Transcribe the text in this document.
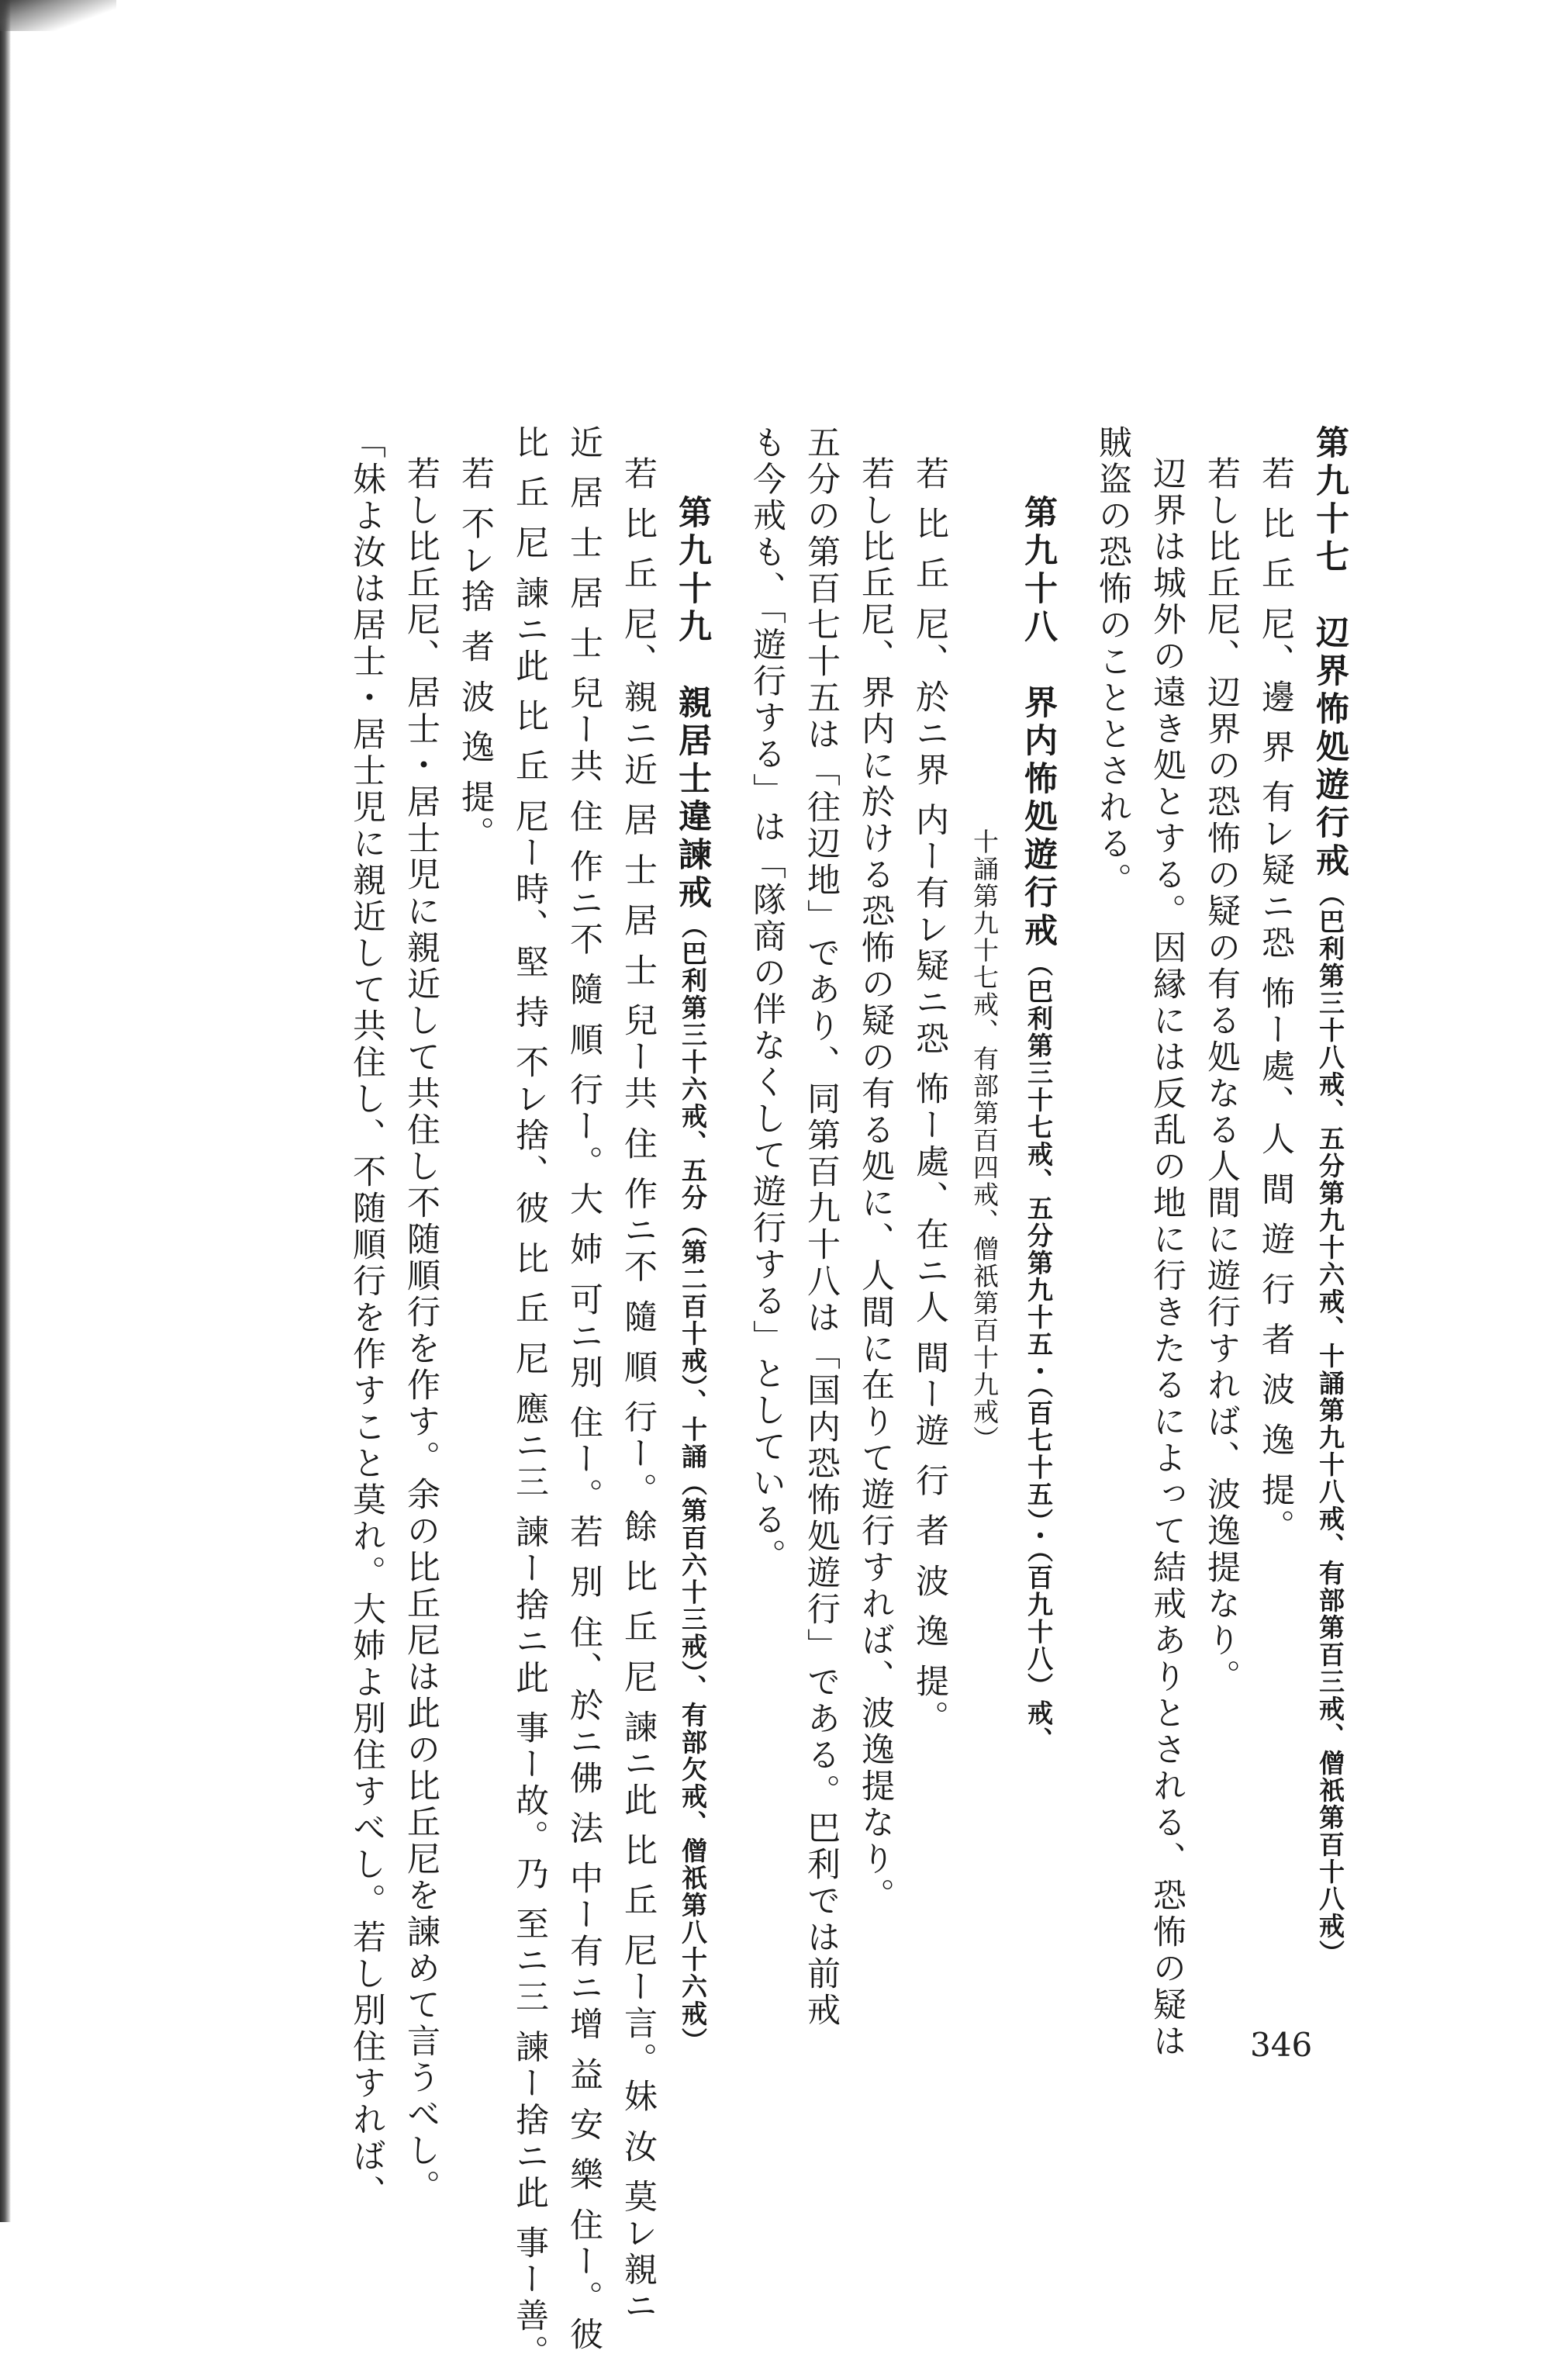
第九十七　辺界怖処遊行戒（巴利第三十八戒、五分第九十六戒、十誦第九十八戒、有部第百三戒、僧祇第百十八戒）
若 比 丘 尼、邊 界 有レ疑ニ恐 怖ー處、人 間 遊 行 者 波 逸 提。
若し比丘尼、辺界の恐怖の疑の有る処なる人間に遊行すれば、波逸提なり。
辺界は城外の遠き処とする。因縁には反乱の地に行きたるによって結戒ありとされる、恐怖の疑は
賊盗の恐怖のこととされる。
第九十八　界内怖処遊行戒（巴利第三十七戒、五分第九十五・（百七十五）・（百九十八）戒、
十誦第九十七戒、有部第百四戒、僧祇第百十九戒）
若 比 丘 尼、於ニ界 内ー有レ疑ニ恐 怖ー處、在ニ人 間ー遊 行 者 波 逸 提。
若し比丘尼、界内に於ける恐怖の疑の有る処に、人間に在りて遊行すれば、波逸提なり。
五分の第百七十五は「往辺地」であり、同第百九十八は「国内恐怖処遊行」である。巴利では前戒
も今戒も、「遊行する」は「隊商の伴なくして遊行する」としている。
第九十九　親居士違諫戒（巴利第三十六戒、五分（第二百十戒）、十誦（第百六十三戒）、有部欠戒、僧祇第八十六戒）
若 比 丘 尼、親ニ近 居 士 居 士 兒ー共 住 作ニ不 隨 順 行ー。餘 比 丘 尼 諫ニ此 比 丘 尼ー言。妹 汝 莫レ親ニ
近 居 士 居 士 兒ー共 住 作ニ不 隨 順 行ー。大 姉 可ニ別 住ー。若 別 住、於ニ佛 法 中ー有ニ增 益 安 樂 住ー。彼
比 丘 尼 諫ニ此 比 丘 尼ー時、堅 持 不レ捨、彼 比 丘 尼 應ニ三 諫ー捨ニ此 事ー故。乃 至ニ三 諫ー捨ニ此 事ー善。
若 不レ捨 者 波 逸 提。
若し比丘尼、居士・居士児に親近して共住し不随順行を作す。余の比丘尼は此の比丘尼を諫めて言うべし。
「妹よ汝は居士・居士児に親近して共住し、不随順行を作すこと莫れ。大姉よ別住すべし。若し別住すれば、	346
